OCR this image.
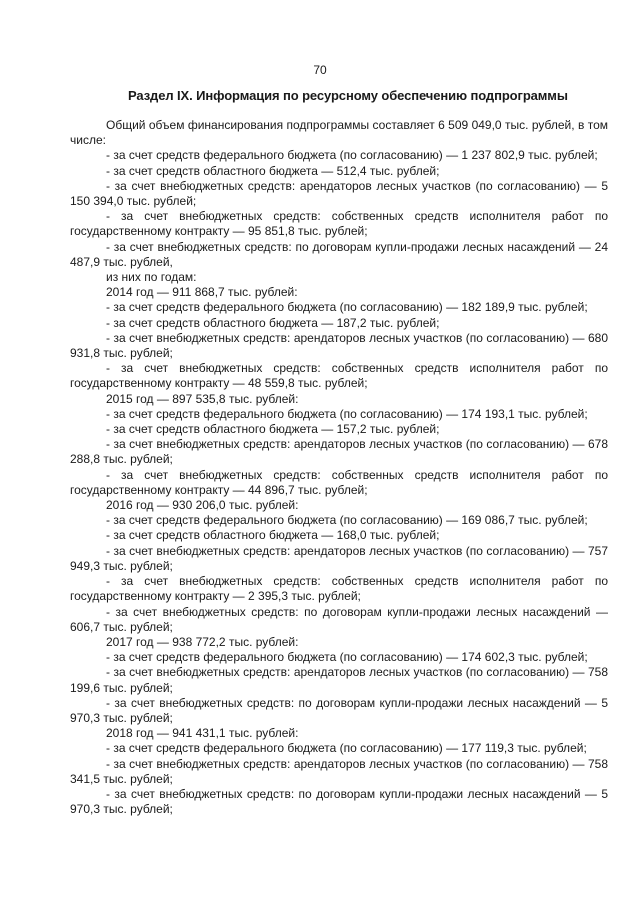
70
Раздел IX. Информация по ресурсному обеспечению подпрограммы

Общий объем финансирования подпрограммы составляет 6 509 049,0 тыс. рублей, в том числе:

- за счет средств федерального бюджета (по согласованию) — 1 237 802,9 тыс. рублей;

- за счет средств областного бюджета — 512,4 тыс. рублей;

- за счет внебюджетных средств: арендаторов лесных участков (по согласованию) — 5 150 394,0 тыс. рублей;

- за счет внебюджетных средств: собственных средств исполнителя работ по государственному контракту — 95 851,8 тыс. рублей;

- за счет внебюджетных средств: по договорам купли-продажи лесных насаждений — 24 487,9 тыс. рублей,

из них по годам:

2014 год — 911 868,7 тыс. рублей:

- за счет средств федерального бюджета (по согласованию) — 182 189,9 тыс. рублей;

- за счет средств областного бюджета — 187,2 тыс. рублей;

- за счет внебюджетных средств: арендаторов лесных участков (по согласованию) — 680 931,8 тыс. рублей;

- за счет внебюджетных средств: собственных средств исполнителя работ по государственному контракту — 48 559,8 тыс. рублей;

2015 год — 897 535,8 тыс. рублей:

- за счет средств федерального бюджета (по согласованию) — 174 193,1 тыс. рублей;

- за счет средств областного бюджета — 157,2 тыс. рублей;

- за счет внебюджетных средств: арендаторов лесных участков (по согласованию) — 678 288,8 тыс. рублей;

- за счет внебюджетных средств: собственных средств исполнителя работ по государственному контракту — 44 896,7 тыс. рублей;

2016 год — 930 206,0 тыс. рублей:

- за счет средств федерального бюджета (по согласованию) — 169 086,7 тыс. рублей;

- за счет средств областного бюджета — 168,0 тыс. рублей;

- за счет внебюджетных средств: арендаторов лесных участков (по согласованию) — 757 949,3 тыс. рублей;

- за счет внебюджетных средств: собственных средств исполнителя работ по государственному контракту — 2 395,3 тыс. рублей;

- за счет внебюджетных средств: по договорам купли-продажи лесных насаждений — 606,7 тыс. рублей;

2017 год — 938 772,2 тыс. рублей:

- за счет средств федерального бюджета (по согласованию) — 174 602,3 тыс. рублей;

- за счет внебюджетных средств: арендаторов лесных участков (по согласованию) — 758 199,6 тыс. рублей;

- за счет внебюджетных средств: по договорам купли-продажи лесных насаждений — 5 970,3 тыс. рублей;

2018 год — 941 431,1 тыс. рублей:

- за счет средств федерального бюджета (по согласованию) — 177 119,3 тыс. рублей;

- за счет внебюджетных средств: арендаторов лесных участков (по согласованию) — 758 341,5 тыс. рублей;

- за счет внебюджетных средств: по договорам купли-продажи лесных насаждений — 5 970,3 тыс. рублей;
